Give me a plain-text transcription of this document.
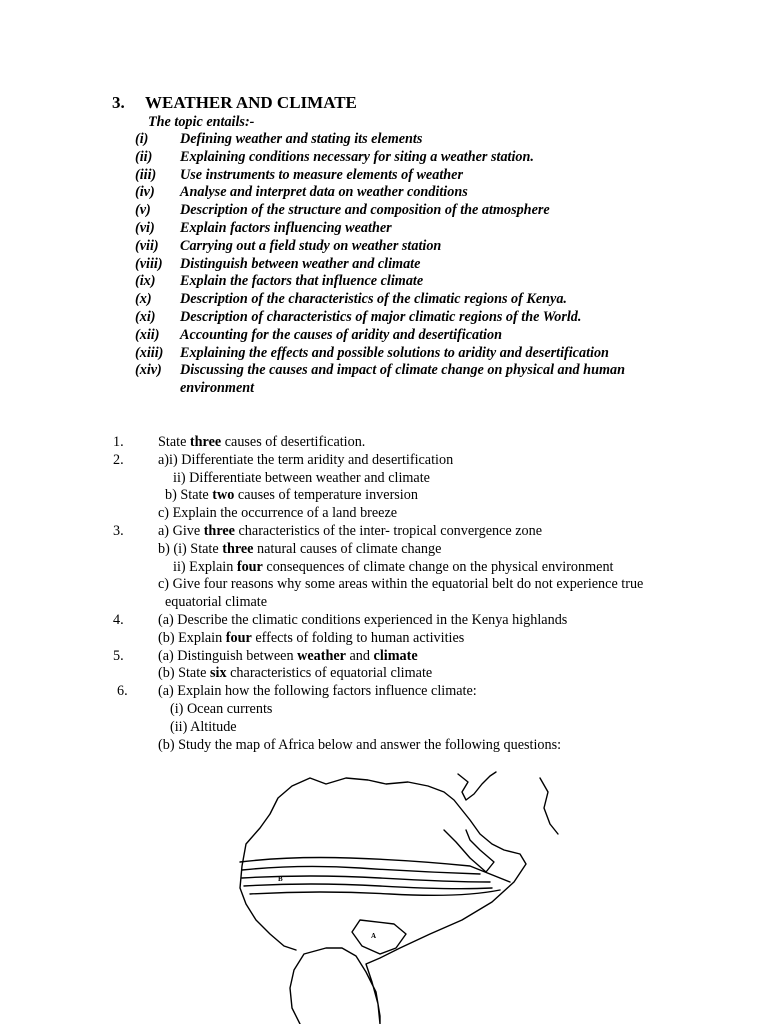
3. WEATHER AND CLIMATE
The topic entails:-
(i) Defining weather and stating its elements
(ii) Explaining conditions necessary for siting a weather station.
(iii) Use instruments to measure elements of weather
(iv) Analyse and interpret data on weather conditions
(v) Description of the structure and composition of the atmosphere
(vi) Explain factors influencing weather
(vii) Carrying out a field study on weather station
(viii) Distinguish between weather and climate
(ix) Explain the factors that influence climate
(x) Description of the characteristics of the climatic regions of Kenya.
(xi) Description of characteristics of major climatic regions of the World.
(xii) Accounting for the causes of aridity and desertification
(xiii) Explaining the effects and possible solutions to aridity and desertification
(xiv) Discussing the causes and impact of climate change on physical and human
environment
1. State three causes of desertification.
2. a)i) Differentiate the term aridity and desertification
ii) Differentiate between weather and climate
b) State two causes of temperature inversion
c) Explain the occurrence of a land breeze
3. a) Give three characteristics of the inter- tropical convergence zone
b) (i) State three natural causes of climate change
ii) Explain four consequences of climate change on the physical environment
c) Give four reasons why some areas within the equatorial belt do not experience true
equatorial climate
4. (a) Describe the climatic conditions experienced in the Kenya highlands
(b) Explain four effects of folding to human activities
5. (a) Distinguish between weather and climate
(b) State six characteristics of equatorial climate
6. (a) Explain how the following factors influence climate:
(i) Ocean currents
(ii) Altitude
(b) Study the map of Africa below and answer the following questions:
B
A
